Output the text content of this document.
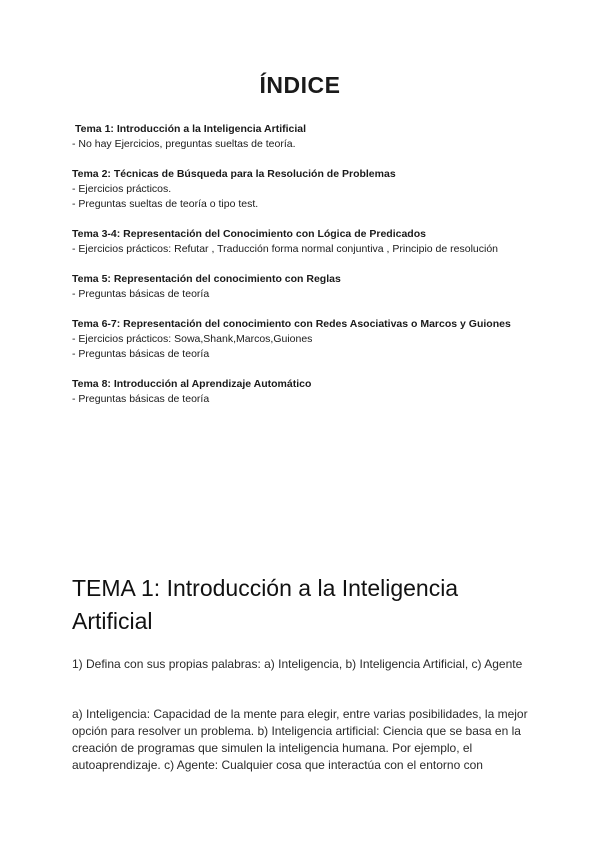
ÍNDICE
Tema 1: Introducción a la Inteligencia Artificial
- No hay Ejercicios, preguntas sueltas de teoría.
Tema 2: Técnicas de Búsqueda para la Resolución de Problemas
- Ejercicios prácticos.
- Preguntas sueltas de teoría o tipo test.
Tema 3-4: Representación del Conocimiento con Lógica de Predicados
- Ejercicios prácticos: Refutar , Traducción forma normal conjuntiva , Principio de resolución
Tema 5: Representación del conocimiento con Reglas
- Preguntas básicas de teoría
Tema 6-7: Representación del conocimiento con Redes Asociativas o Marcos y Guiones
- Ejercicios prácticos: Sowa,Shank,Marcos,Guiones
- Preguntas básicas de teoría
Tema 8: Introducción al Aprendizaje Automático
- Preguntas básicas de teoría
TEMA 1: Introducción a la Inteligencia Artificial

1) Defina con sus propias palabras: a) Inteligencia, b) Inteligencia Artificial, c) Agente

a) Inteligencia: Capacidad de la mente para elegir, entre varias posibilidades, la mejor opción para resolver un problema. b) Inteligencia artificial: Ciencia que se basa en la creación de programas que simulen la inteligencia humana. Por ejemplo, el autoaprendizaje. c) Agente: Cualquier cosa que interactúa con el entorno con
